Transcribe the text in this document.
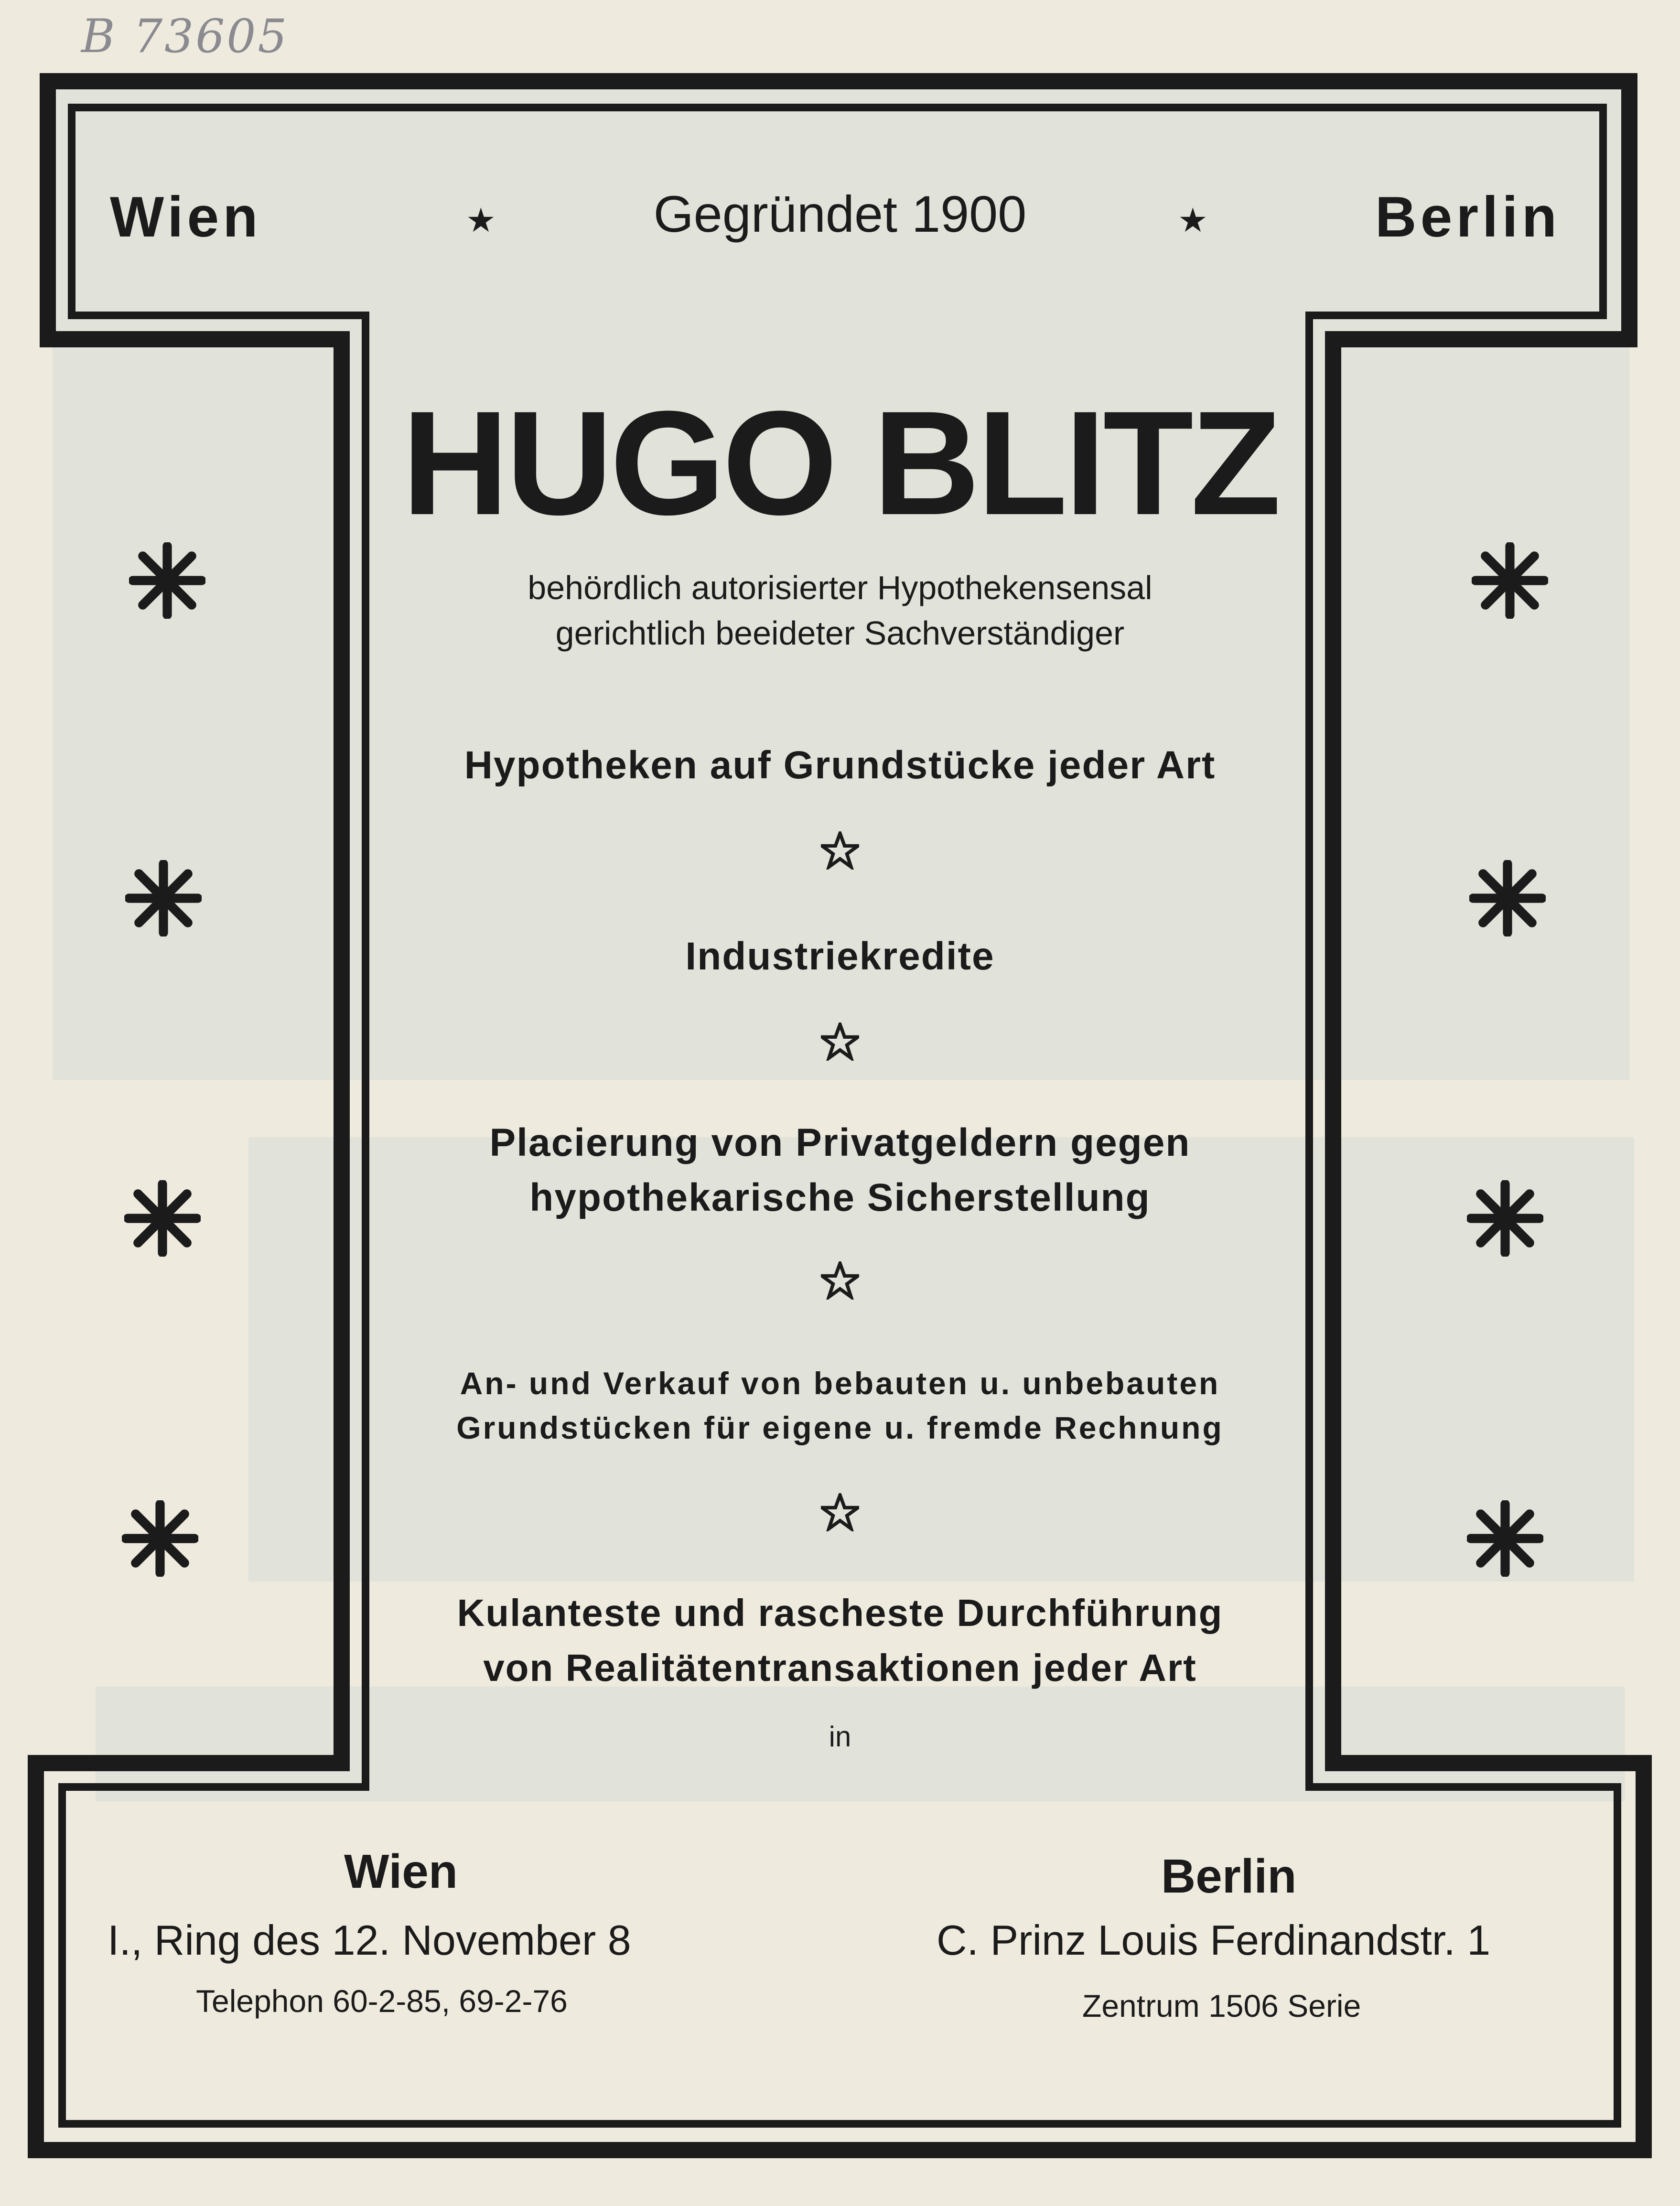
B 73605
Wien	★	Gegründet 1900	★	Berlin
HUGO BLITZ
behördlich autorisierter Hypothekensensal
gerichtlich beeideter Sachverständiger
Hypotheken auf Grundstücke jeder Art
Industriekredite
Placierung von Privatgeldern gegen
hypothekarische Sicherstellung
An- und Verkauf von bebauten u. unbebauten
Grundstücken für eigene u. fremde Rechnung
Kulanteste und rascheste Durchführung
von Realitätentransaktionen jeder Art
in
Wien	Berlin
I., Ring des 12. November 8	C. Prinz Louis Ferdinandstr. 1
Telephon 60-2-85, 69-2-76	Zentrum 1506 Serie
